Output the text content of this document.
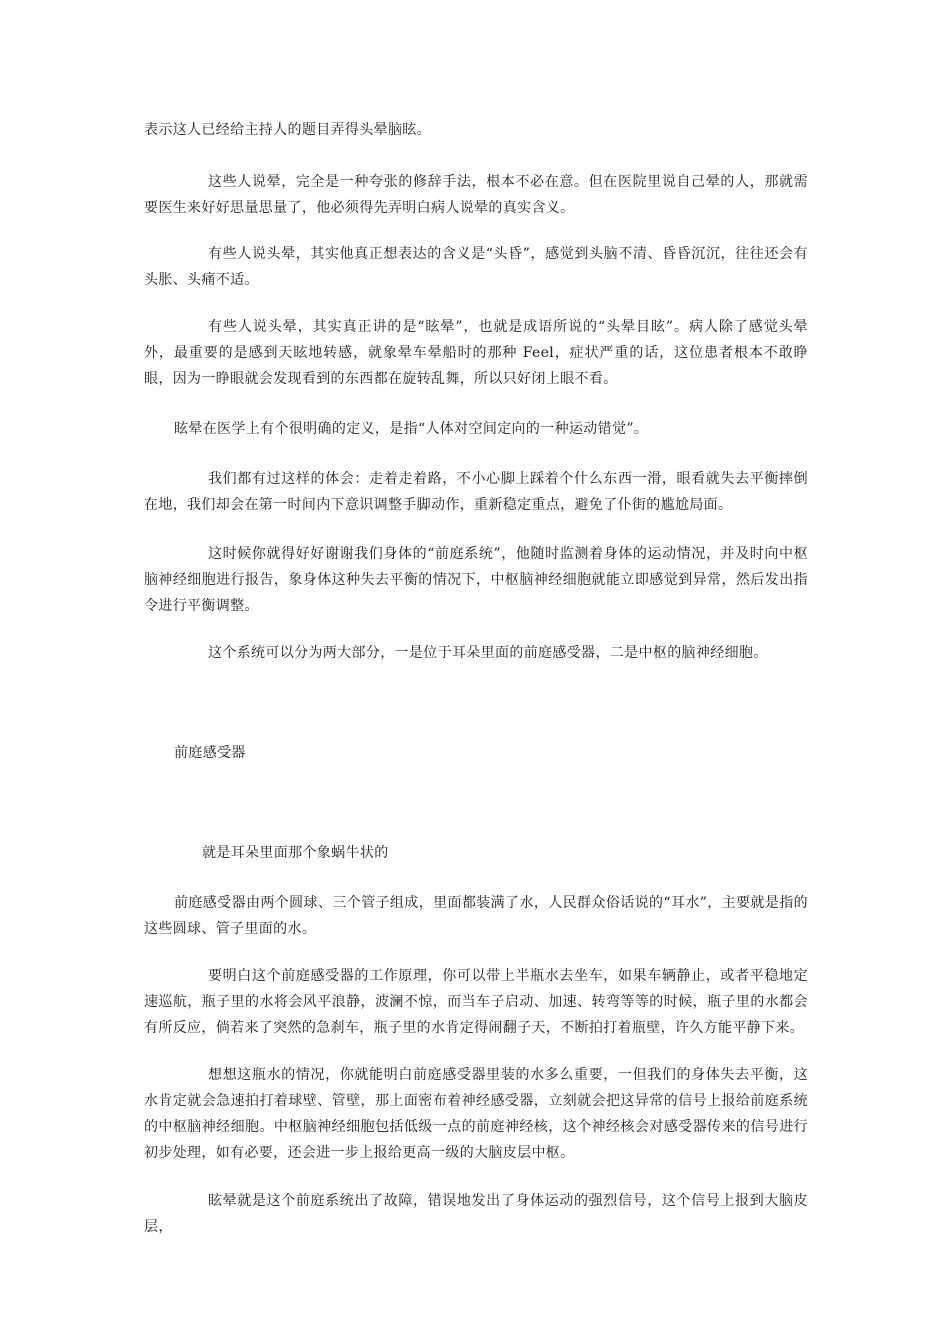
表示这人已经给主持人的题目弄得头晕脑眩。

这些人说晕，完全是一种夸张的修辞手法，根本不必在意。但在医院里说自己晕的人，那就需要医生来好好思量思量了，他必须得先弄明白病人说晕的真实含义。

有些人说头晕，其实他真正想表达的含义是“头昏”，感觉到头脑不清、昏昏沉沉，往往还会有头胀、头痛不适。

有些人说头晕，其实真正讲的是“眩晕”，也就是成语所说的“头晕目眩”。病人除了感觉头晕外，最重要的是感到天眩地转感，就象晕车晕船时的那种 Feel，症状严重的话，这位患者根本不敢睁眼，因为一睁眼就会发现看到的东西都在旋转乱舞，所以只好闭上眼不看。

眩晕在医学上有个很明确的定义，是指“人体对空间定向的一种运动错觉”。

我们都有过这样的体会：走着走着路，不小心脚上踩着个什么东西一滑，眼看就失去平衡摔倒在地，我们却会在第一时间内下意识调整手脚动作，重新稳定重点，避免了仆街的尴尬局面。

这时候你就得好好谢谢我们身体的“前庭系统”，他随时监测着身体的运动情况，并及时向中枢脑神经细胞进行报告，象身体这种失去平衡的情况下，中枢脑神经细胞就能立即感觉到异常，然后发出指令进行平衡调整。

这个系统可以分为两大部分，一是位于耳朵里面的前庭感受器，二是中枢的脑神经细胞。

前庭感受器

就是耳朵里面那个象蜗牛状的

前庭感受器由两个圆球、三个管子组成，里面都装满了水，人民群众俗话说的“耳水”，主要就是指的这些圆球、管子里面的水。

要明白这个前庭感受器的工作原理，你可以带上半瓶水去坐车，如果车辆静止，或者平稳地定速巡航，瓶子里的水将会风平浪静，波澜不惊，而当车子启动、加速、转弯等等的时候，瓶子里的水都会有所反应，倘若来了突然的急刹车，瓶子里的水肯定得闹翻子天，不断拍打着瓶壁，许久方能平静下来。

想想这瓶水的情况，你就能明白前庭感受器里装的水多么重要，一但我们的身体失去平衡，这水肯定就会急速拍打着球壁、管壁，那上面密布着神经感受器，立刻就会把这异常的信号上报给前庭系统的中枢脑神经细胞。中枢脑神经细胞包括低级一点的前庭神经核，这个神经核会对感受器传来的信号进行初步处理，如有必要，还会进一步上报给更高一级的大脑皮层中枢。

眩晕就是这个前庭系统出了故障，错误地发出了身体运动的强烈信号，这个信号上报到大脑皮层，
